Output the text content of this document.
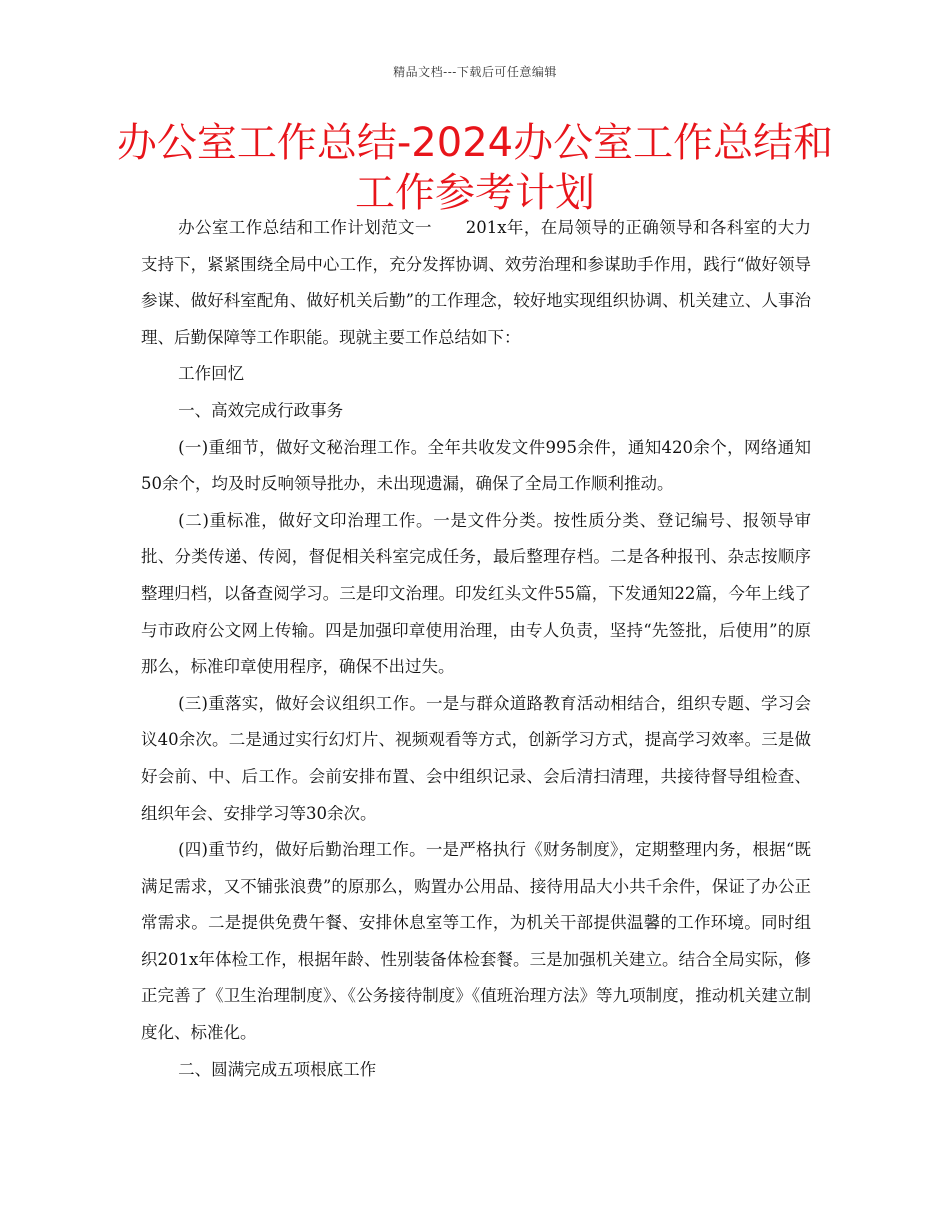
精品文档---下载后可任意编辑
办公室工作总结-2024办公室工作总结和
工作参考计划

办公室工作总结和工作计划范文一　　201x年，在局领导的正确领导和各科室的大力支持下，紧紧围绕全局中心工作，充分发挥协调、效劳治理和参谋助手作用，践行“做好领导参谋、做好科室配角、做好机关后勤”的工作理念，较好地实现组织协调、机关建立、人事治理、后勤保障等工作职能。现就主要工作总结如下：

工作回忆

一、高效完成行政事务

(一)重细节，做好文秘治理工作。全年共收发文件995余件，通知420余个，网络通知50余个，均及时反响领导批办，未出现遗漏，确保了全局工作顺利推动。

(二)重标准，做好文印治理工作。一是文件分类。按性质分类、登记编号、报领导审批、分类传递、传阅，督促相关科室完成任务，最后整理存档。二是各种报刊、杂志按顺序整理归档，以备查阅学习。三是印文治理。印发红头文件55篇，下发通知22篇，今年上线了与市政府公文网上传输。四是加强印章使用治理，由专人负责，坚持“先签批，后使用”的原那么，标准印章使用程序，确保不出过失。

(三)重落实，做好会议组织工作。一是与群众道路教育活动相结合，组织专题、学习会议40余次。二是通过实行幻灯片、视频观看等方式，创新学习方式，提高学习效率。三是做好会前、中、后工作。会前安排布置、会中组织记录、会后清扫清理，共接待督导组检查、组织年会、安排学习等30余次。

(四)重节约，做好后勤治理工作。一是严格执行《财务制度》，定期整理内务，根据“既满足需求，又不铺张浪费”的原那么，购置办公用品、接待用品大小共千余件，保证了办公正常需求。二是提供免费午餐、安排休息室等工作，为机关干部提供温馨的工作环境。同时组织201x年体检工作，根据年龄、性别装备体检套餐。三是加强机关建立。结合全局实际，修正完善了《卫生治理制度》、《公务接待制度》《值班治理方法》等九项制度，推动机关建立制度化、标准化。

二、圆满完成五项根底工作
